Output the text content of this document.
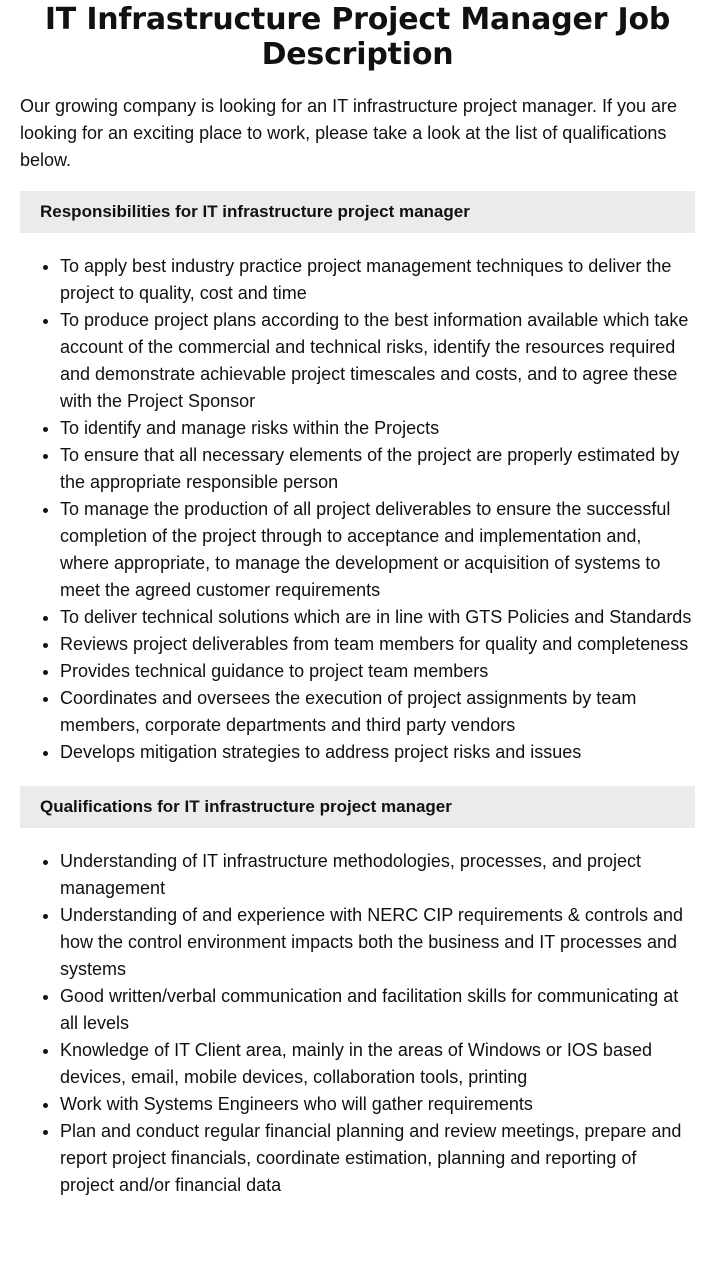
IT Infrastructure Project Manager Job Description

Our growing company is looking for an IT infrastructure project manager. If you are looking for an exciting place to work, please take a look at the list of qualifications below.

Responsibilities for IT infrastructure project manager
• To apply best industry practice project management techniques to deliver the project to quality, cost and time
• To produce project plans according to the best information available which take account of the commercial and technical risks, identify the resources required and demonstrate achievable project timescales and costs, and to agree these with the Project Sponsor
• To identify and manage risks within the Projects
• To ensure that all necessary elements of the project are properly estimated by the appropriate responsible person
• To manage the production of all project deliverables to ensure the successful completion of the project through to acceptance and implementation and, where appropriate, to manage the development or acquisition of systems to meet the agreed customer requirements
• To deliver technical solutions which are in line with GTS Policies and Standards
• Reviews project deliverables from team members for quality and completeness
• Provides technical guidance to project team members
• Coordinates and oversees the execution of project assignments by team members, corporate departments and third party vendors
• Develops mitigation strategies to address project risks and issues
Qualifications for IT infrastructure project manager
• Understanding of IT infrastructure methodologies, processes, and project management
• Understanding of and experience with NERC CIP requirements & controls and how the control environment impacts both the business and IT processes and systems
• Good written/verbal communication and facilitation skills for communicating at all levels
• Knowledge of IT Client area, mainly in the areas of Windows or IOS based devices, email, mobile devices, collaboration tools, printing
• Work with Systems Engineers who will gather requirements
• Plan and conduct regular financial planning and review meetings, prepare and report project financials, coordinate estimation, planning and reporting of project and/or financial data
